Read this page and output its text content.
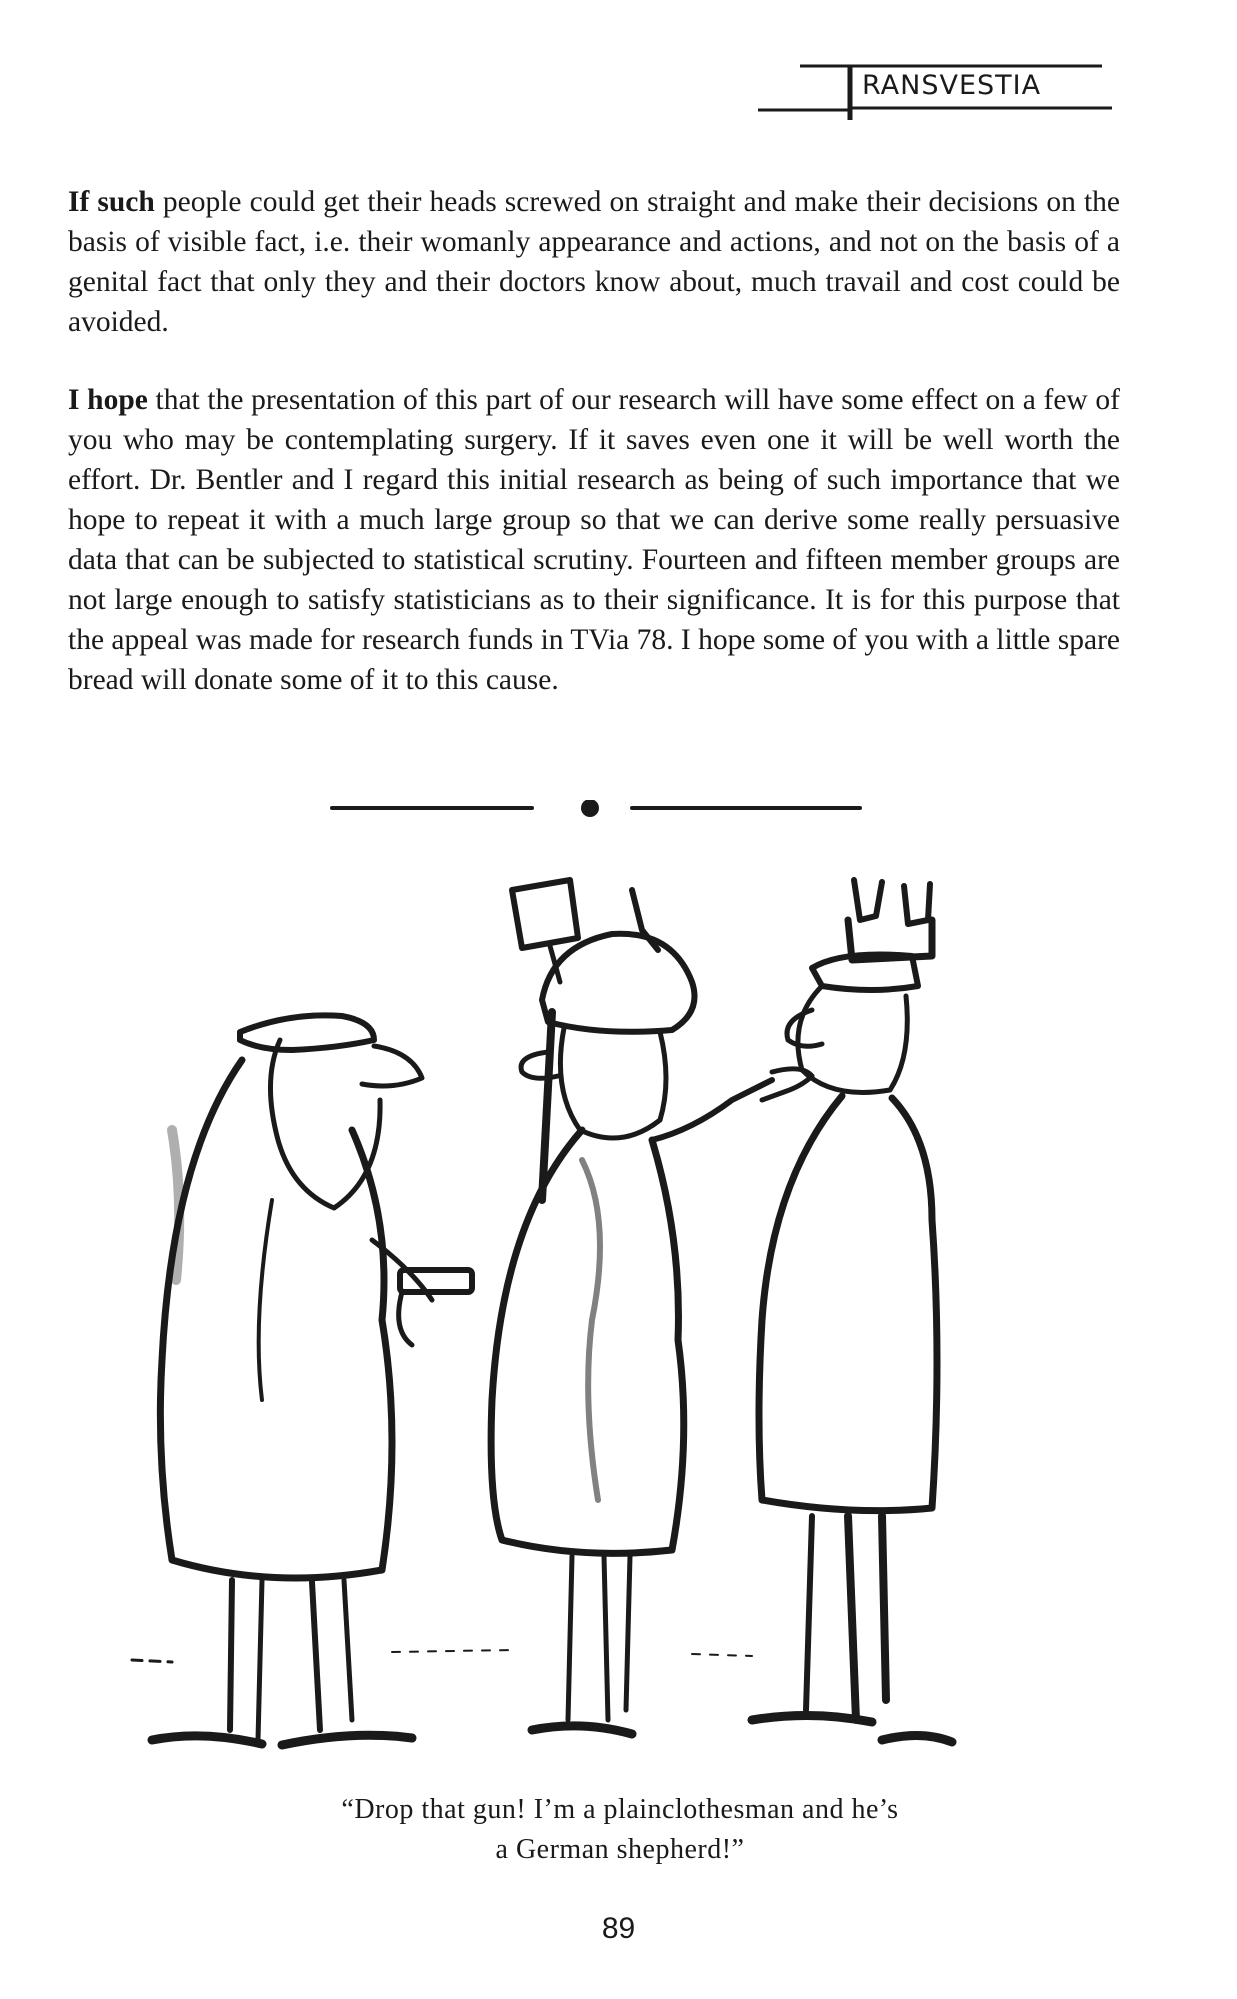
RANSVESTIA

If such people could get their heads screwed on straight and make their decisions on the basis of visible fact, i.e. their womanly appearance and actions, and not on the basis of a genital fact that only they and their doctors know about, much travail and cost could be avoided.

I hope that the presentation of this part of our research will have some effect on a few of you who may be contemplating surgery. If it saves even one it will be well worth the effort. Dr. Bentler and I regard this initial research as being of such importance that we hope to repeat it with a much large group so that we can derive some really persuasive data that can be subjected to statistical scrutiny. Fourteen and fifteen member groups are not large enough to satisfy statisticians as to their significance. It is for this purpose that the appeal was made for research funds in TVia 78. I hope some of you with a little spare bread will donate some of it to this cause.

“Drop that gun! I’m a plainclothesman and he’s
a German shepherd!”
89
